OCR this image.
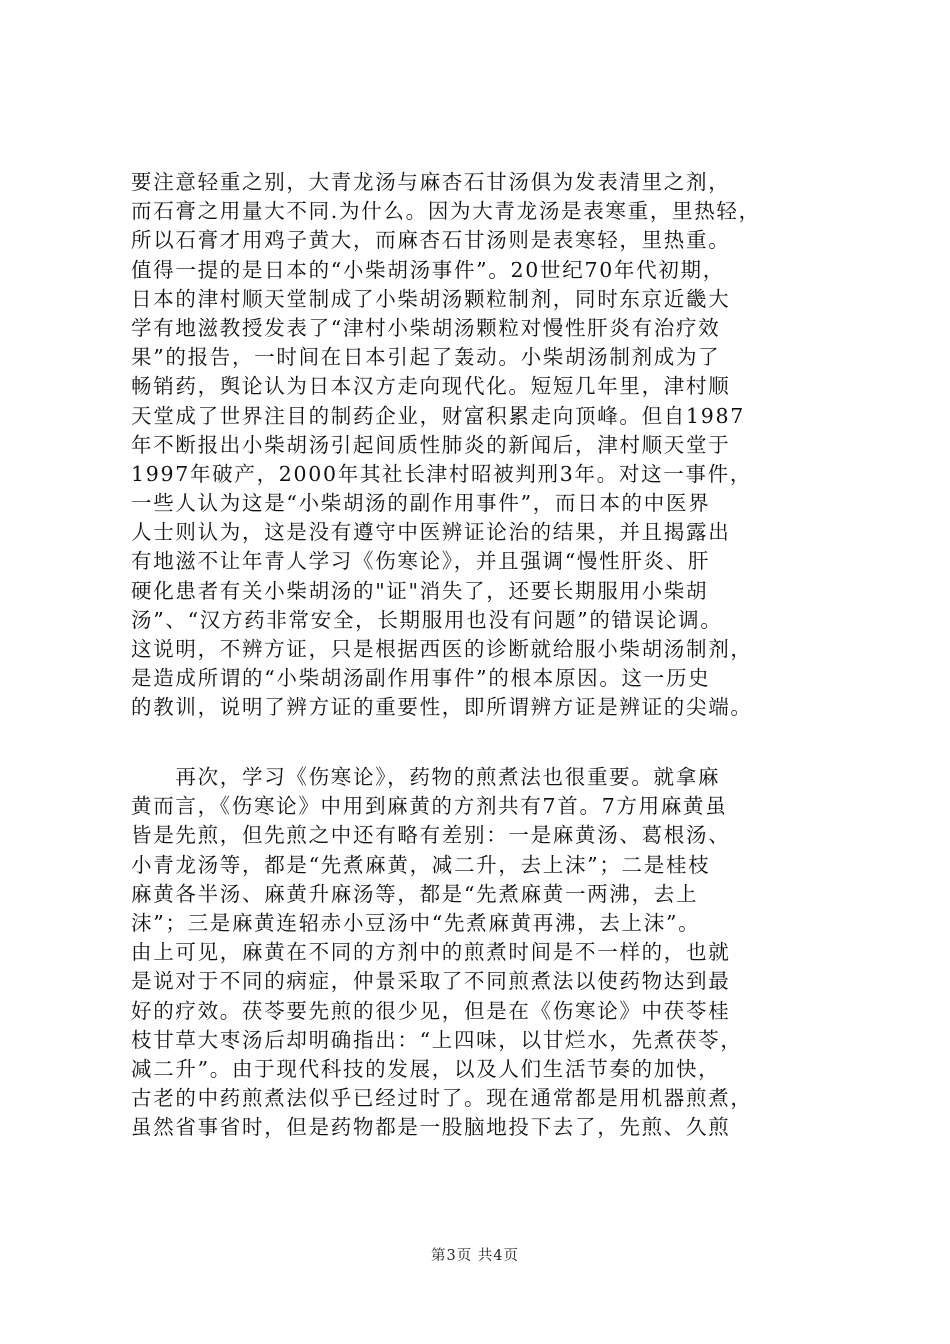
要注意轻重之别，大青龙汤与麻杏石甘汤俱为发表清里之剂，
而石膏之用量大不同.为什么。因为大青龙汤是表寒重，里热轻，
所以石膏才用鸡子黄大，而麻杏石甘汤则是表寒轻，里热重。
值得一提的是日本的“小柴胡汤事件”。20世纪70年代初期，
日本的津村顺天堂制成了小柴胡汤颗粒制剂，同时东京近畿大
学有地滋教授发表了“津村小柴胡汤颗粒对慢性肝炎有治疗效
果”的报告，一时间在日本引起了轰动。小柴胡汤制剂成为了
畅销药，舆论认为日本汉方走向现代化。短短几年里，津村顺
天堂成了世界注目的制药企业，财富积累走向顶峰。但自1987
年不断报出小柴胡汤引起间质性肺炎的新闻后，津村顺天堂于
1997年破产，2000年其社长津村昭被判刑3年。对这一事件，
一些人认为这是“小柴胡汤的副作用事件”，而日本的中医界
人士则认为，这是没有遵守中医辨证论治的结果，并且揭露出
有地滋不让年青人学习《伤寒论》，并且强调“慢性肝炎、肝
硬化患者有关小柴胡汤的"证"消失了，还要长期服用小柴胡
汤”、“汉方药非常安全，长期服用也没有问题”的错误论调。
这说明，不辨方证，只是根据西医的诊断就给服小柴胡汤制剂，
是造成所谓的“小柴胡汤副作用事件”的根本原因。这一历史
的教训，说明了辨方证的重要性，即所谓辨方证是辨证的尖端。
　　再次，学习《伤寒论》，药物的煎煮法也很重要。就拿麻
黄而言，《伤寒论》中用到麻黄的方剂共有7首。7方用麻黄虽
皆是先煎，但先煎之中还有略有差别：一是麻黄汤、葛根汤、
小青龙汤等，都是“先煮麻黄，减二升，去上沫”；二是桂枝
麻黄各半汤、麻黄升麻汤等，都是“先煮麻黄一两沸，去上
沫”；三是麻黄连轺赤小豆汤中“先煮麻黄再沸，去上沫”。
由上可见，麻黄在不同的方剂中的煎煮时间是不一样的，也就
是说对于不同的病症，仲景采取了不同煎煮法以使药物达到最
好的疗效。茯苓要先煎的很少见，但是在《伤寒论》中茯苓桂
枝甘草大枣汤后却明确指出：“上四味，以甘烂水，先煮茯苓，
减二升”。由于现代科技的发展，以及人们生活节奏的加快，
古老的中药煎煮法似乎已经过时了。现在通常都是用机器煎煮，
虽然省事省时，但是药物都是一股脑地投下去了，先煎、久煎
第3页 共4页
